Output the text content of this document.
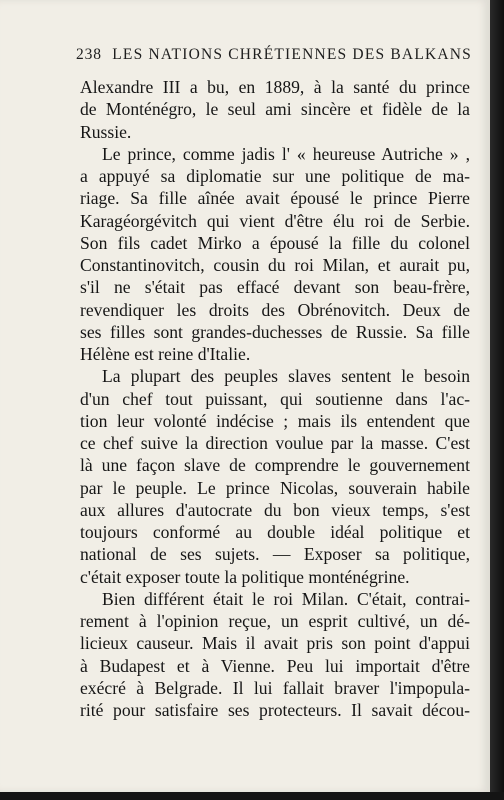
238 LES NATIONS CHRÉTIENNES DES BALKANS
Alexandre III a bu, en 1889, à la santé du prince
de Monténégro, le seul ami sincère et fidèle de la
Russie.
Le prince, comme jadis l' « heureuse Autriche » ,
a appuyé sa diplomatie sur une politique de ma-
riage. Sa fille aînée avait épousé le prince Pierre
Karagéorgévitch qui vient d'être élu roi de Serbie.
Son fils cadet Mirko a épousé la fille du colonel
Constantinovitch, cousin du roi Milan, et aurait pu,
s'il ne s'était pas effacé devant son beau-frère,
revendiquer les droits des Obrénovitch. Deux de
ses filles sont grandes-duchesses de Russie. Sa fille
Hélène est reine d'Italie.
La plupart des peuples slaves sentent le besoin
d'un chef tout puissant, qui soutienne dans l'ac-
tion leur volonté indécise ; mais ils entendent que
ce chef suive la direction voulue par la masse. C'est
là une façon slave de comprendre le gouvernement
par le peuple. Le prince Nicolas, souverain habile
aux allures d'autocrate du bon vieux temps, s'est
toujours conformé au double idéal politique et
national de ses sujets. — Exposer sa politique,
c'était exposer toute la politique monténégrine.
Bien différent était le roi Milan. C'était, contrai-
rement à l'opinion reçue, un esprit cultivé, un dé-
licieux causeur. Mais il avait pris son point d'appui
à Budapest et à Vienne. Peu lui importait d'être
exécré à Belgrade. Il lui fallait braver l'impopula-
rité pour satisfaire ses protecteurs. Il savait décou-
